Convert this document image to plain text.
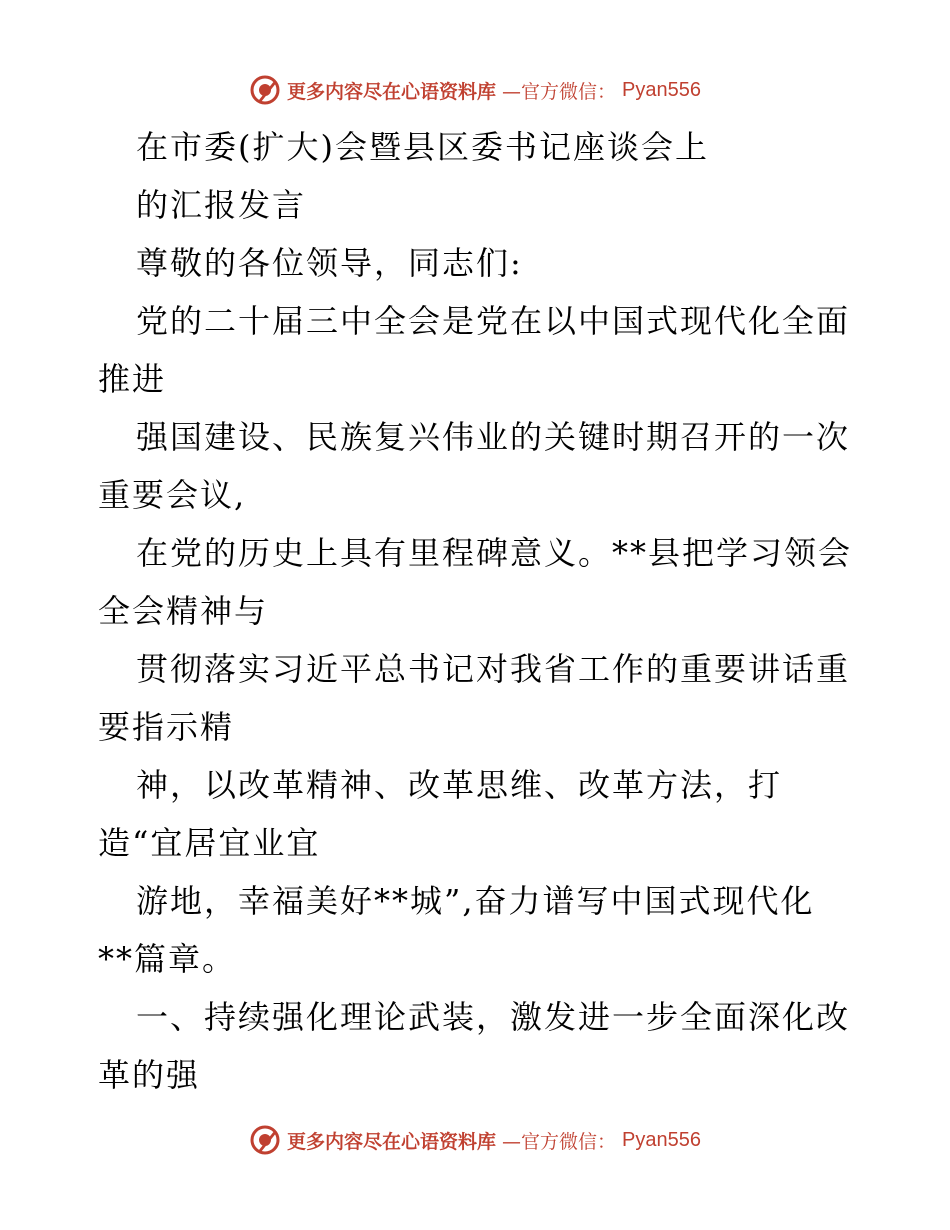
更多内容尽在心语资料库 —官方微信： Pyan556
在市委(扩大)会暨县区委书记座谈会上
的汇报发言
尊敬的各位领导，同志们:
党的二十届三中全会是党在以中国式现代化全面
推进
强国建设、民族复兴伟业的关键时期召开的一次
重要会议,
在党的历史上具有里程碑意义。**县把学习领会
全会精神与
贯彻落实习近平总书记对我省工作的重要讲话重
要指示精
神，以改革精神、改革思维、改革方法，打
造“宜居宜业宜
游地，幸福美好**城”,奋力谱写中国式现代化
**篇章。
一、持续强化理论武装，激发进一步全面深化改
革的强
更多内容尽在心语资料库 —官方微信： Pyan556
